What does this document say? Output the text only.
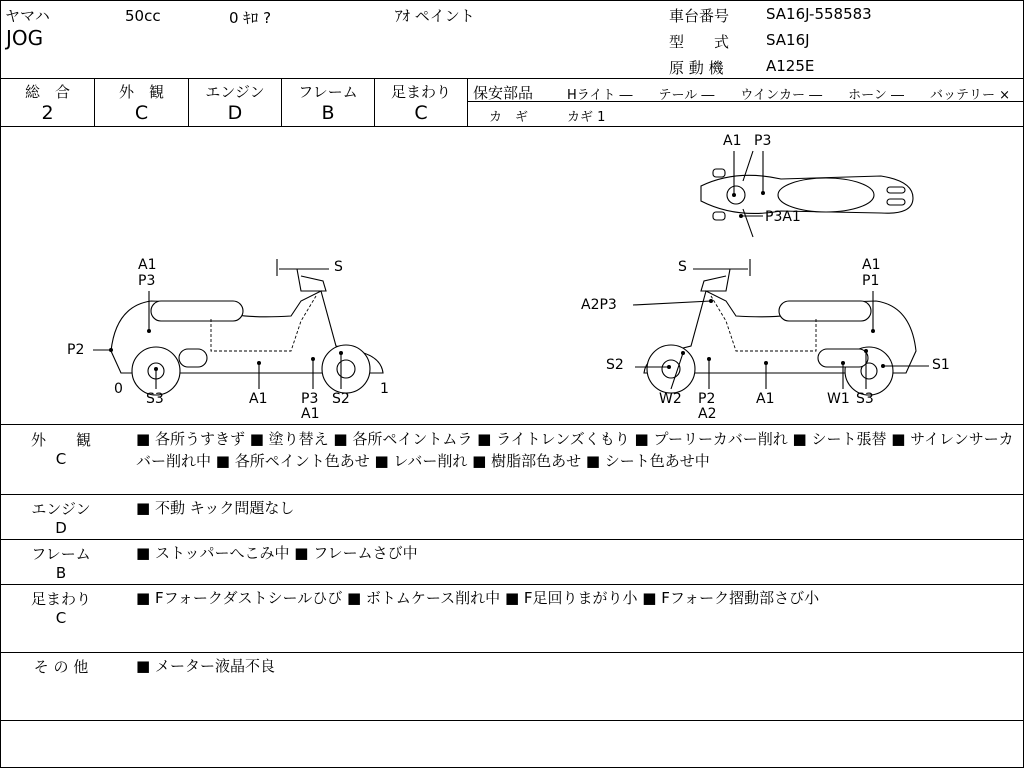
ヤマハ	50cc	0 ｷﾛ ?	ｱｵ ペイント
JOG
車台番号 SA16J-558583
型　　式 SA16J
原 動 機	A125E
総　合
2
外　観
C
エンジン
D
フレーム
B
足まわり
C
保安部品	Hライト ―　　テール ―　　ウインカー ―　　ホーン ―　　バッテリー ×
カ　ギ	カギ 1
A1 P3
P3A1
A1
P3
S
P2
0
S3	A1 P3
A1
S2
1
S	A1
P1
A2P3
S2	S1
W2 P2
A2
A1	W1 S3
外　　観
C
■ 各所うすきず ■ 塗り替え ■ 各所ペイントムラ ■ ライトレンズくもり ■ プーリーカバー削れ ■ シート張替 ■ サイレンサーカバー削れ中 ■ 各所ペイント色あせ ■ レバー削れ ■ 樹脂部色あせ ■ シート色あせ中
エンジン
D
■ 不動 キック問題なし
フレーム
B
■ ストッパーへこみ中 ■ フレームさび中
足まわり
C
■ Fフォークダストシールひび ■ ボトムケース削れ中 ■ F足回りまがり小 ■ Fフォーク摺動部さび小
そ の 他	■ メーター液晶不良
